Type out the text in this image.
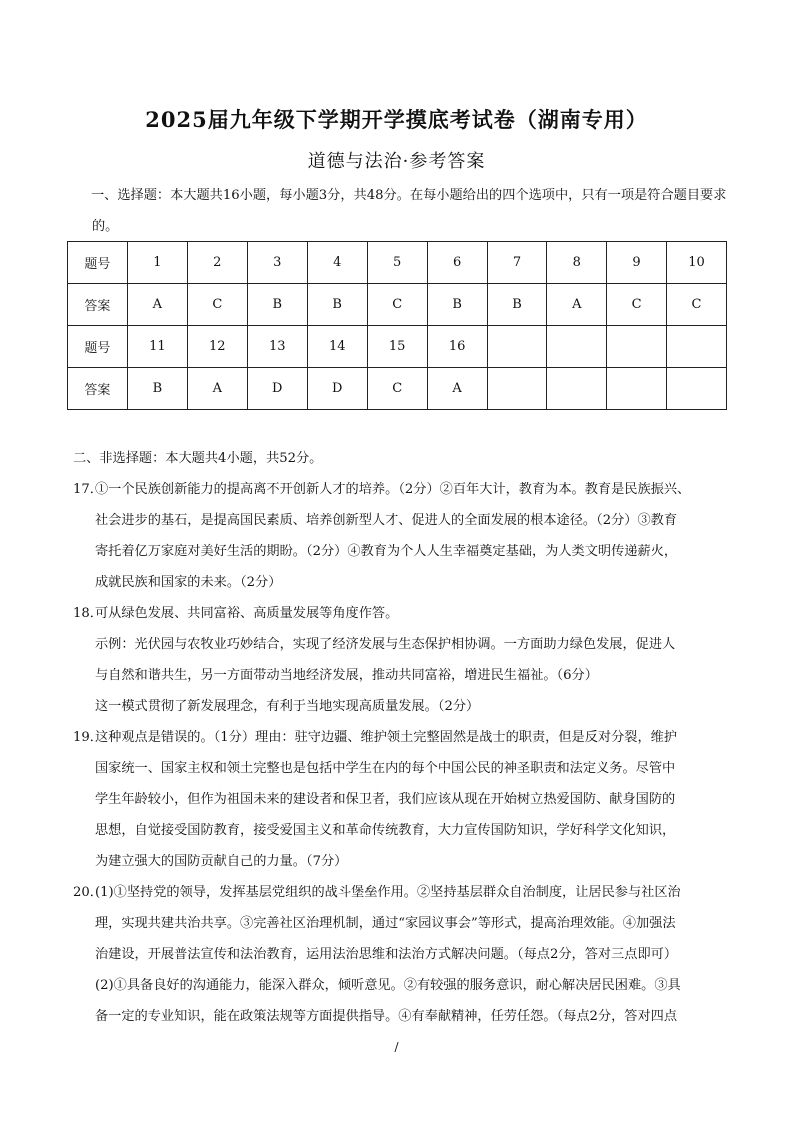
2025届九年级下学期开学摸底考试卷（湖南专用）
道德与法治·参考答案
一、选择题：本大题共16小题，每小题3分，共48分。在每小题给出的四个选项中，只有一项是符合题目要求的。
题号	1	2	3	4	5	6	7	8	9	10
答案	A	C	B	B	C	B	B	A	C	C
题号	11	12	13	14	15	16				
答案	B	A	D	D	C	A				
二、非选择题：本大题共4小题，共52分。
17．
①一个民族创新能力的提高离不开创新人才的培养。（2分）②百年大计，教育为本。教育是民族振兴、
社会进步的基石，是提高国民素质、培养创新型人才、促进人的全面发展的根本途径。（2分）③教育
寄托着亿万家庭对美好生活的期盼。（2分）④教育为个人人生幸福奠定基础，为人类文明传递薪火，
成就民族和国家的未来。（2分）
18．
可从绿色发展、共同富裕、高质量发展等角度作答。
示例：光伏园与农牧业巧妙结合，实现了经济发展与生态保护相协调。一方面助力绿色发展，促进人
与自然和谐共生，另一方面带动当地经济发展，推动共同富裕，增进民生福祉。（6分）
这一模式贯彻了新发展理念，有利于当地实现高质量发展。（2分）
19．
这种观点是错误的。（1分）理由：驻守边疆、维护领土完整固然是战士的职责，但是反对分裂，维护
国家统一、国家主权和领土完整也是包括中学生在内的每个中国公民的神圣职责和法定义务。尽管中
学生年龄较小，但作为祖国未来的建设者和保卫者，我们应该从现在开始树立热爱国防、献身国防的
思想，自觉接受国防教育，接受爱国主义和革命传统教育，大力宣传国防知识，学好科学文化知识，
为建立强大的国防贡献自己的力量。（7分）
20．
(1)①坚持党的领导，发挥基层党组织的战斗堡垒作用。②坚持基层群众自治制度，让居民参与社区治
理，实现共建共治共享。③完善社区治理机制，通过“家园议事会”等形式，提高治理效能。④加强法
治建设，开展普法宣传和法治教育，运用法治思维和法治方式解决问题。（每点2分，答对三点即可）
(2)①具备良好的沟通能力，能深入群众，倾听意见。②有较强的服务意识，耐心解决居民困难。③具
备一定的专业知识，能在政策法规等方面提供指导。④有奉献精神，任劳任怨。（每点2分，答对四点
/
